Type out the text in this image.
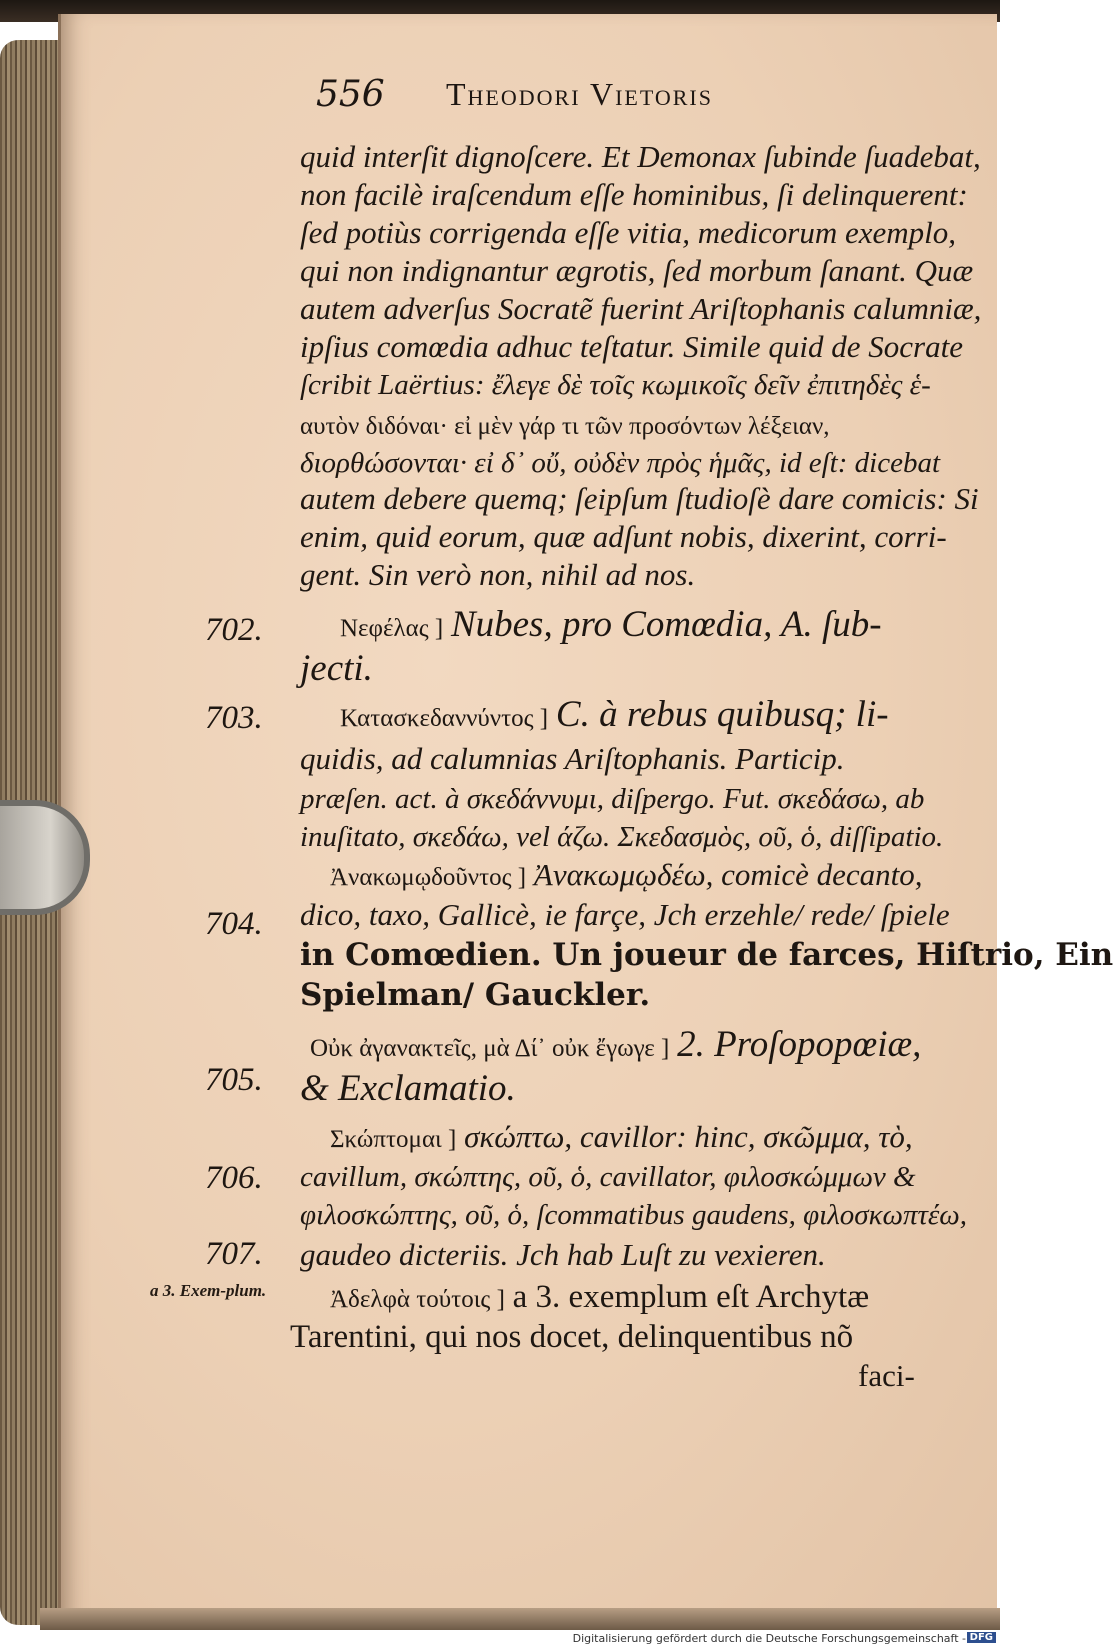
556 Theodori Vietoris
quid interſit dignoſcere. Et Demonax ſubinde ſuadebat,
non facilè iraſcendum eſſe hominibus, ſi delinquerent:
ſed potiùs corrigenda eſſe vitia, medicorum exemplo,
qui non indignantur ægrotis, ſed morbum ſanant. Quæ
autem adverſus Socratẽ fuerint Ariſtophanis calumniæ,
ipſius comœdia adhuc teſtatur. Simile quid de Socrate
ſcribit Laërtius: ἔλεγε δὲ τοῖς κωμικοῖς δεῖν ἐπιτηδὲς ἑ-
αυτὸν διδόναι· εἰ μὲν γάρ τι τῶν προσόντων λέξειαν,
διορθώσονται· εἰ δ᾽ οὔ, οὐδὲν πρὸς ἡμᾶς, id eſt: dicebat
autem debere quemq; ſeipſum ſtudioſè dare comicis: Si
enim, quid eorum, quæ adſunt nobis, dixerint, corri-
gent. Sin verò non, nihil ad nos.
Νεφέλας ] Nubes, pro Comœdia, A. ſub-
jecti.
Κατασκεδαννύντος ] C. à rebus quibusq; li-
quidis, ad calumnias Ariſtophanis. Particip.
præſen. act. à σκεδάννυμι, diſpergo. Fut. σκεδάσω, ab
inuſitato, σκεδάω, vel άζω. Σκεδασμὸς, οῦ, ὁ, diſſipatio.
Ἀνακωμῳδοῦντος ] Ἀνακωμῳδέω, comicè decanto,
dico, taxo, Gallicè, ie farçe, Jch erzehle/ rede/ ſpiele
in Comœdien. Un joueur de farces, Hiſtrio, Ein
Spielman/ Gauckler.
Οὐκ ἀγανακτεῖς, μὰ Δί᾽ οὐκ ἔγωγε ] 2. Proſopopœiæ,
& Exclamatio.
Σκώπτομαι ] σκώπτω, cavillor: hinc, σκῶμμα, τὸ,
cavillum, σκώπτης, οῦ, ὁ, cavillator, φιλοσκώμμων &
φιλοσκώπτης, οῦ, ὁ, ſcommatibus gaudens, φιλοσκωπτέω,
gaudeo dicteriis. Jch hab Luſt zu vexieren.
Ἀδελφὰ τούτοις ] a 3. exemplum eſt Archytæ
Tarentini, qui nos docet, delinquentibus nõ
702.
703.
704.
705.
706.
707.
a 3. Exem-plum.
faci-
Digitalisierung gefördert durch die Deutsche Forschungsgemeinschaft - DFG
